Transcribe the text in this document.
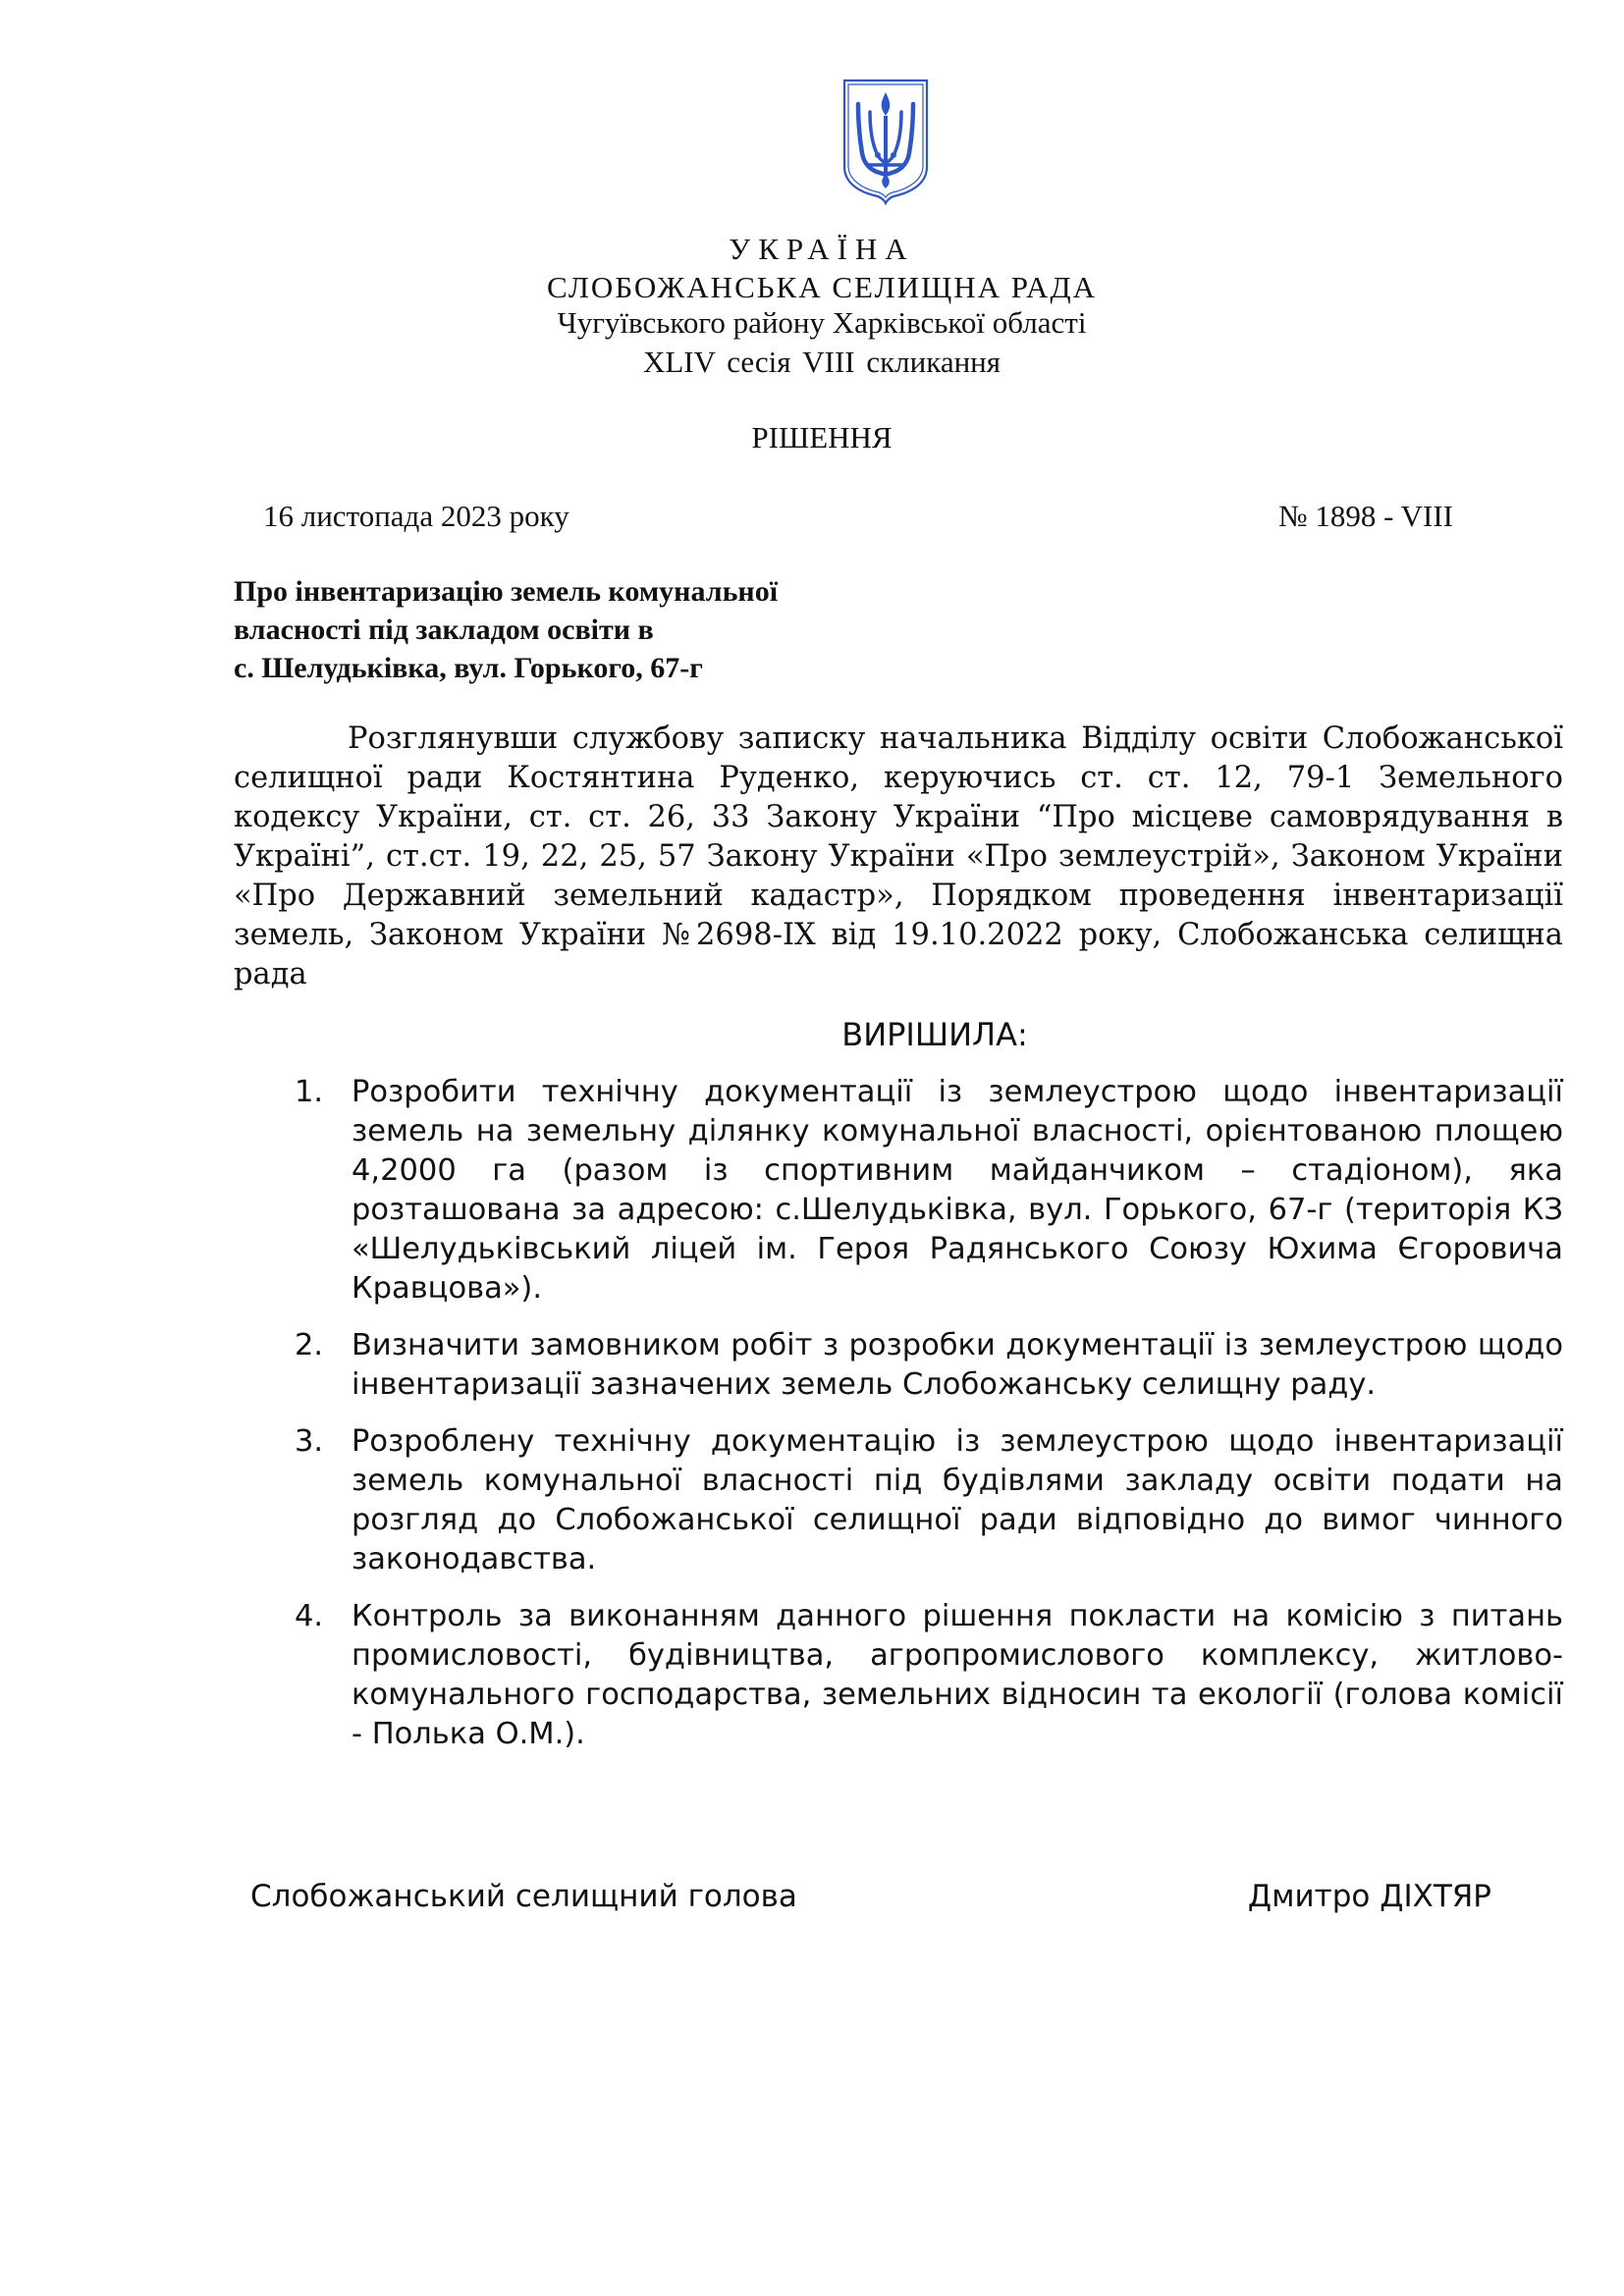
УКРАЇНА
СЛОБОЖАНСЬКА СЕЛИЩНА РАДА
Чугуївського району Харківської області
XLIV сесія VIII скликання
РІШЕННЯ
16 листопада 2023 року	№ 1898 - VIII
Про інвентаризацію земель комунальної
власності під закладом освіти в
с. Шелудьківка, вул. Горького, 67-г
Розглянувши службову записку начальника Відділу освіти Слобожанської селищної ради Костянтина Руденко, керуючись ст. ст. 12, 79-1 Земельного кодексу України, ст. ст. 26, 33 Закону України “Про місцеве самоврядування в Україні”, ст.ст. 19, 22, 25, 57 Закону України «Про землеустрій», Законом України «Про Державний земельний кадастр», Порядком проведення інвентаризації земель, Законом України №2698-IX від 19.10.2022 року, Слобожанська селищна рада
ВИРІШИЛА:
1. Розробити технічну документації із землеустрою щодо інвентаризації земель на земельну ділянку комунальної власності, орієнтованою площею 4,2000 га (разом із спортивним майданчиком – стадіоном), яка розташована за адресою: с.Шелудьківка, вул. Горького, 67-г (територія КЗ «Шелудьківський ліцей ім. Героя Радянського Союзу Юхима Єгоровича Кравцова»).
2. Визначити замовником робіт з розробки документації із землеустрою щодо інвентаризації зазначених земель Слобожанську селищну раду.
3. Розроблену технічну документацію із землеустрою щодо інвентаризації земель комунальної власності під будівлями закладу освіти подати на розгляд до Слобожанської селищної ради відповідно до вимог чинного законодавства.
4. Контроль за виконанням данного рішення покласти на комісію з питань промисловості, будівництва, агропромислового комплексу, житлово-комунального господарства, земельних відносин та екології (голова комісії - Полька О.М.).
Слобожанський селищний голова	Дмитро ДІХТЯР
